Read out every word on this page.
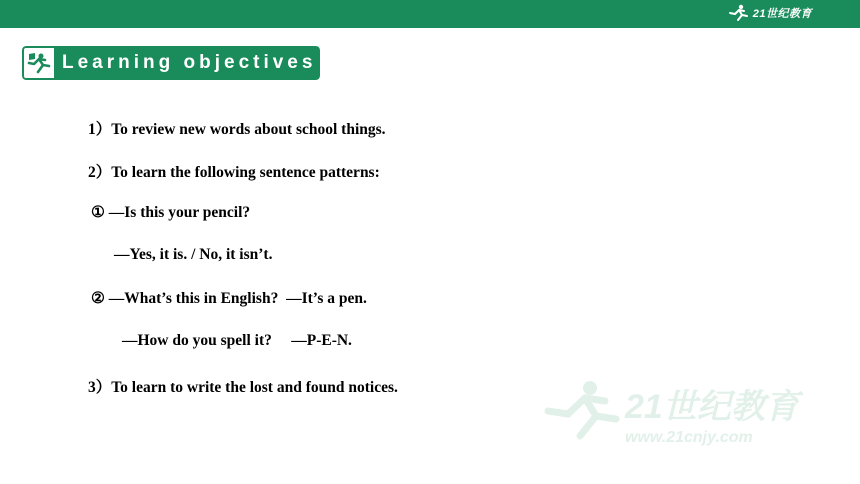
21世纪教育
Learning objectives
1）To review new words about school things.
2）To learn the following sentence patterns:
① —Is this your pencil?
—Yes, it is. / No, it isn’t.
② —What’s this in English?  —It’s a pen.
—How do you spell it?     —P-E-N.
3）To learn to write the lost and found notices.
21世纪教育
www.21cnjy.com
